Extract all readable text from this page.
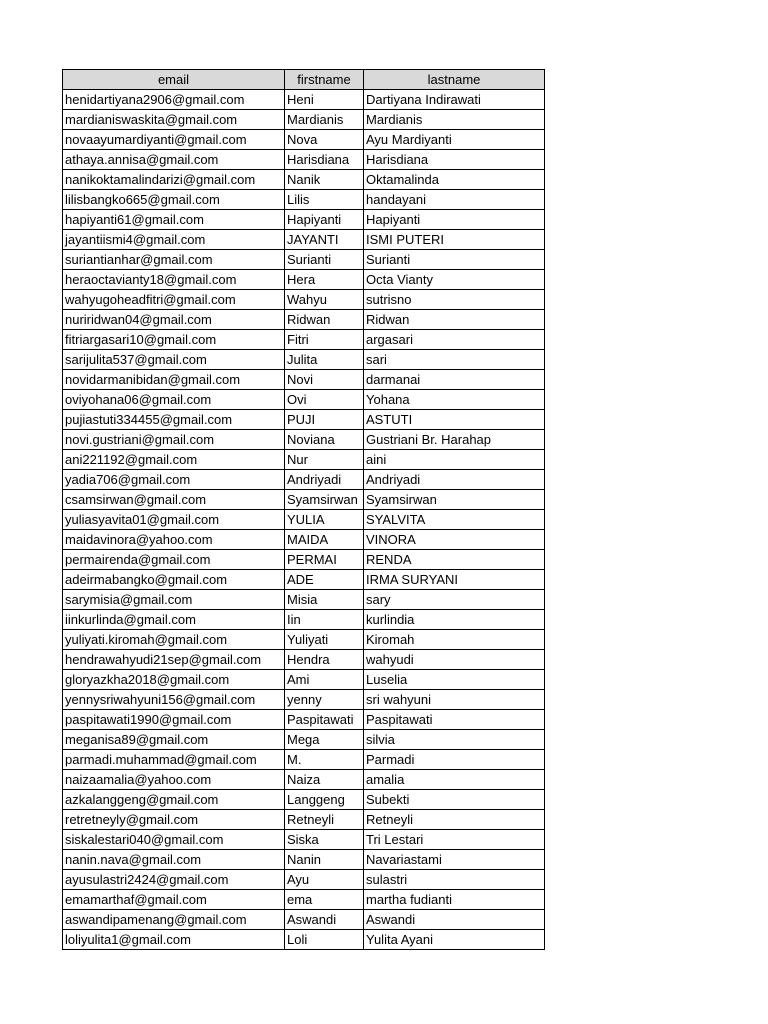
email	firstname	lastname
henidartiyana2906@gmail.com	Heni	Dartiyana Indirawati
mardianiswaskita@gmail.com	Mardianis	Mardianis
novaayumardiyanti@gmail.com	Nova	Ayu Mardiyanti
athaya.annisa@gmail.com	Harisdiana	Harisdiana
nanikoktamalindarizi@gmail.com	Nanik	Oktamalinda
lilisbangko665@gmail.com	Lilis	handayani
hapiyanti61@gmail.com	Hapiyanti	Hapiyanti
jayantiismi4@gmail.com	JAYANTI	ISMI PUTERI
suriantianhar@gmail.com	Surianti	Surianti
heraoctavianty18@gmail.com	Hera	Octa Vianty
wahyugoheadfitri@gmail.com	Wahyu	sutrisno
nuriridwan04@gmail.com	Ridwan	Ridwan
fitriargasari10@gmail.com	Fitri	argasari
sarijulita537@gmail.com	Julita	sari
novidarmanibidan@gmail.com	Novi	darmanai
oviyohana06@gmail.com	Ovi	Yohana
pujiastuti334455@gmail.com	PUJI	ASTUTI
novi.gustriani@gmail.com	Noviana	Gustriani Br. Harahap
ani221192@gmail.com	Nur	aini
yadia706@gmail.com	Andriyadi	Andriyadi
csamsirwan@gmail.com	Syamsirwan	Syamsirwan
yuliasyavita01@gmail.com	YULIA	SYALVITA
maidavinora@yahoo.com	MAIDA	VINORA
permairenda@gmail.com	PERMAI	RENDA
adeirmabangko@gmail.com	ADE	IRMA SURYANI
sarymisia@gmail.com	Misia	sary
iinkurlinda@gmail.com	Iin	kurlindia
yuliyati.kiromah@gmail.com	Yuliyati	Kiromah
hendrawahyudi21sep@gmail.com	Hendra	wahyudi
gloryazkha2018@gmail.com	Ami	Luselia
yennysriwahyuni156@gmail.com	yenny	sri wahyuni
paspitawati1990@gmail.com	Paspitawati	Paspitawati
meganisa89@gmail.com	Mega	silvia
parmadi.muhammad@gmail.com	M.	Parmadi
naizaamalia@yahoo.com	Naiza	amalia
azkalanggeng@gmail.com	Langgeng	Subekti
retretneyly@gmail.com	Retneyli	Retneyli
siskalestari040@gmail.com	Siska	Tri Lestari
nanin.nava@gmail.com	Nanin	Navariastami
ayusulastri2424@gmail.com	Ayu	sulastri
emamarthaf@gmail.com	ema	martha fudianti
aswandipamenang@gmail.com	Aswandi	Aswandi
loliyulita1@gmail.com	Loli	Yulita Ayani
